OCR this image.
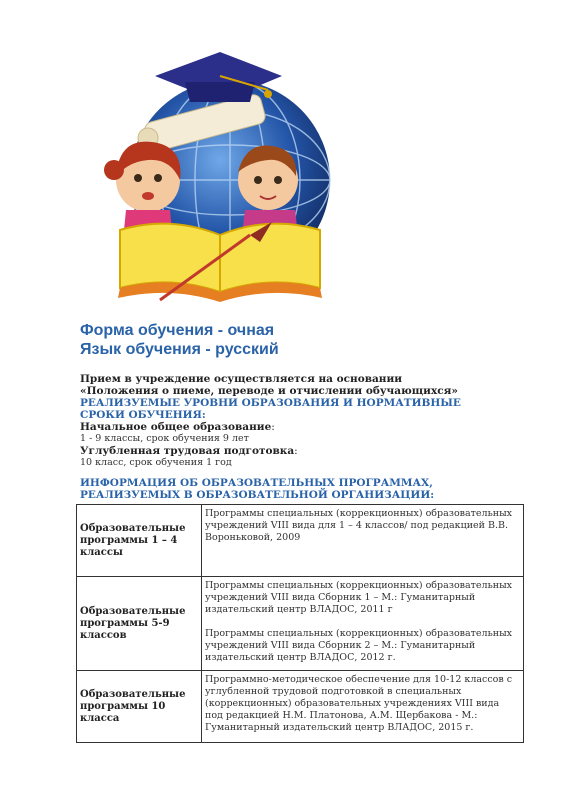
Форма обучения - очная
Язык обучения - русский
Прием в учреждение осуществляется на основании
«Положения о пиеме, переводе и отчислении обучающихся»
РЕАЛИЗУЕМЫЕ УРОВНИ ОБРАЗОВАНИЯ И НОРМАТИВНЫЕ СРОКИ ОБУЧЕНИЯ:
Начальное общее образование:
1 - 9 классы, срок обучения 9 лет
Углубленная трудовая подготовка:
10 класс, срок обучения 1 год
ИНФОРМАЦИЯ ОБ ОБРАЗОВАТЕЛЬНЫХ ПРОГРАММАХ, РЕАЛИЗУЕМЫХ В ОБРАЗОВАТЕЛЬНОЙ ОРГАНИЗАЦИИ:
Образовательные программы 1 – 4 классы	Программы специальных (коррекционных) образовательных учреждений VIII вида для 1 – 4 классов/ под редакцией В.В. Вороньковой, 2009

Образовательные программы 5-9 классов	Программы специальных (коррекционных) образовательных учреждений VIII вида Сборник 1 – М.: Гуманитарный издательский центр ВЛАДОС, 2011 г

Программы специальных (коррекционных) образовательных учреждений VIII вида Сборник 2 – М.: Гуманитарный издательский центр ВЛАДОС, 2012 г.

Образовательные программы 10 класса	Программно-методическое обеспечение для 10-12 классов с углубленной трудовой подготовкой в специальных (коррекционных) образовательных учреждениях VIII вида под редакцией Н.М. Платонова, А.М. Щербакова - М.: Гуманитарный издательский центр ВЛАДОС, 2015 г.
